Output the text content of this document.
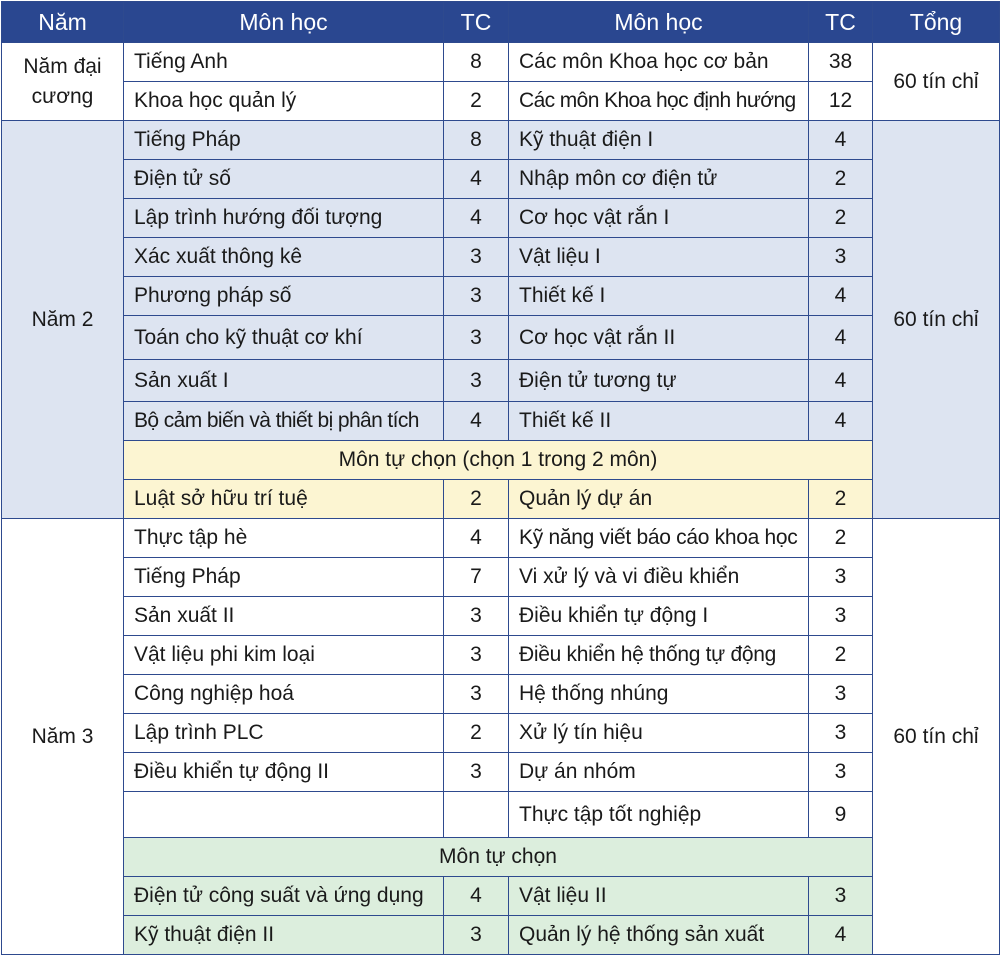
Năm	Môn học	TC	Môn học	TC	Tổng
Năm đại cương	Tiếng Anh	8	Các môn Khoa học cơ bản	38	60 tín chỉ
	Khoa học quản lý	2	Các môn Khoa học định hướng	12	
Năm 2	Tiếng Pháp	8	Kỹ thuật điện I	4	60 tín chỉ
	Điện tử số	4	Nhập môn cơ điện tử	2	
	Lập trình hướng đối tượng	4	Cơ học vật rắn I	2	
	Xác xuất thông kê	3	Vật liệu I	3	
	Phương pháp số	3	Thiết kế I	4	
	Toán cho kỹ thuật cơ khí	3	Cơ học vật rắn II	4	
	Sản xuất I	3	Điện tử tương tự	4	
	Bộ cảm biến và thiết bị phân tích	4	Thiết kế II	4	
	Môn tự chọn (chọn 1 trong 2 môn)				
	Luật sở hữu trí tuệ	2	Quản lý dự án	2	
Năm 3	Thực tập hè	4	Kỹ năng viết báo cáo khoa học	2	60 tín chỉ
	Tiếng Pháp	7	Vi xử lý và vi điều khiển	3	
	Sản xuất II	3	Điều khiển tự động I	3	
	Vật liệu phi kim loại	3	Điều khiển hệ thống tự động	2	
	Công nghiệp hoá	3	Hệ thống nhúng	3	
	Lập trình PLC	2	Xử lý tín hiệu	3	
	Điều khiển tự động II	3	Dự án nhóm	3	
			Thực tập tốt nghiệp	9	
	Môn tự chọn				
	Điện tử công suất và ứng dụng	4	Vật liệu II	3	
	Kỹ thuật điện II	3	Quản lý hệ thống sản xuất	4	
